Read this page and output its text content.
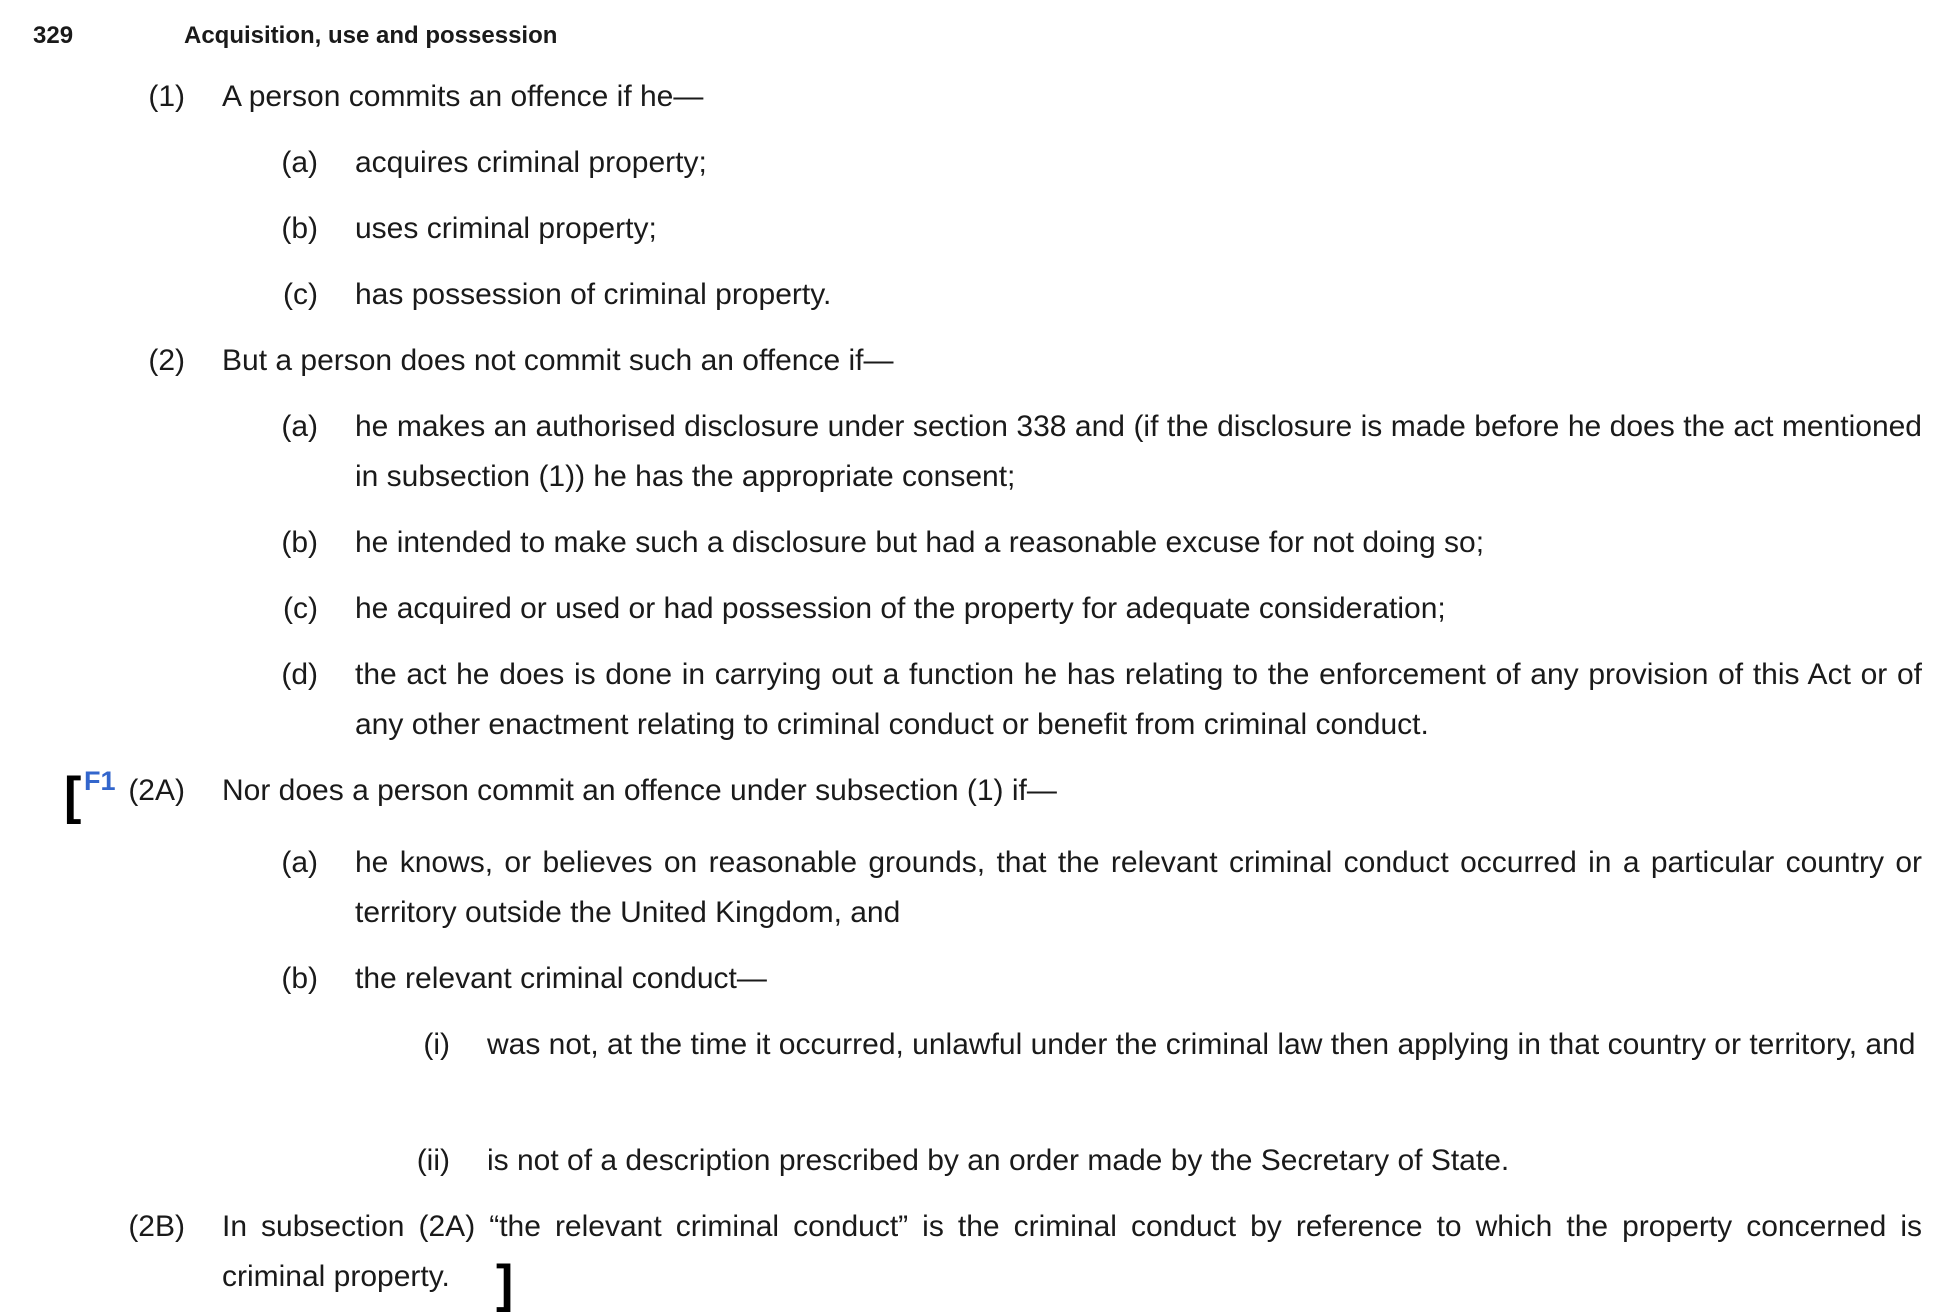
329	Acquisition, use and possession
(1) A person commits an offence if he—
(a) acquires criminal property;
(b) uses criminal property;
(c) has possession of criminal property.
(2) But a person does not commit such an offence if—
(a) he makes an authorised disclosure under section 338 and (if the disclosure is made before he does the act mentioned in subsection (1)) he has the appropriate consent;
(b) he intended to make such a disclosure but had a reasonable excuse for not doing so;
(c) he acquired or used or had possession of the property for adequate consideration;
(d) the act he does is done in carrying out a function he has relating to the enforcement of any provision of this Act or of any other enactment relating to criminal conduct or benefit from criminal conduct.
[ F1 (2A) Nor does a person commit an offence under subsection (1) if—
(a) he knows, or believes on reasonable grounds, that the relevant criminal conduct occurred in a particular country or territory outside the United Kingdom, and
(b) the relevant criminal conduct—
(i) was not, at the time it occurred, unlawful under the criminal law then applying in that country or territory, and
(ii) is not of a description prescribed by an order made by the Secretary of State.
(2B) In subsection (2A) “the relevant criminal conduct” is the criminal conduct by reference to which the property concerned is criminal property. ]
